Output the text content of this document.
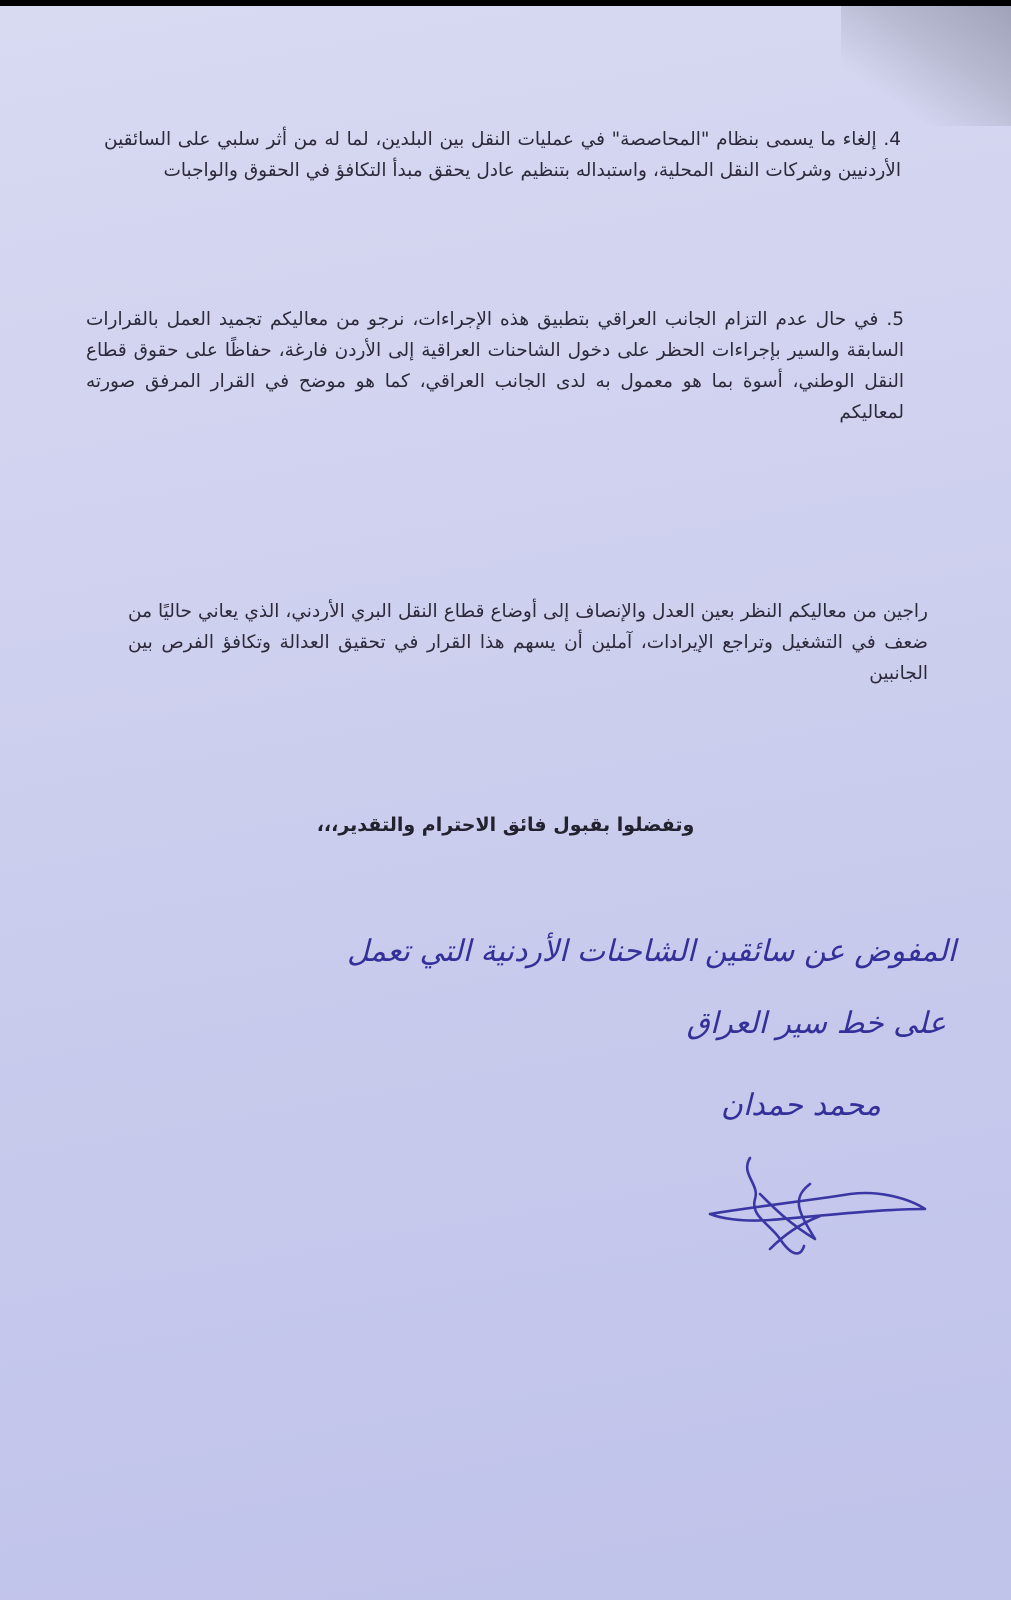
4. إلغاء ما يسمى بنظام "المحاصصة" في عمليات النقل بين البلدين، لما له من أثر سلبي على السائقين الأردنيين وشركات النقل المحلية، واستبداله بتنظيم عادل يحقق مبدأ التكافؤ في الحقوق والواجبات
5. في حال عدم التزام الجانب العراقي بتطبيق هذه الإجراءات، نرجو من معاليكم تجميد العمل بالقرارات السابقة والسير بإجراءات الحظر على دخول الشاحنات العراقية إلى الأردن فارغة، حفاظًا على حقوق قطاع النقل الوطني، أسوة بما هو معمول به لدى الجانب العراقي، كما هو موضح في القرار المرفق صورته لمعاليكم
راجين من معاليكم النظر بعين العدل والإنصاف إلى أوضاع قطاع النقل البري الأردني، الذي يعاني حاليًا من ضعف في التشغيل وتراجع الإيرادات، آملين أن يسهم هذا القرار في تحقيق العدالة وتكافؤ الفرص بين الجانبين
وتفضلوا بقبول فائق الاحترام والتقدير،،،
المفوض عن سائقين الشاحنات الأردنية التي تعمل
على خط سير العراق
محمد حمدان
